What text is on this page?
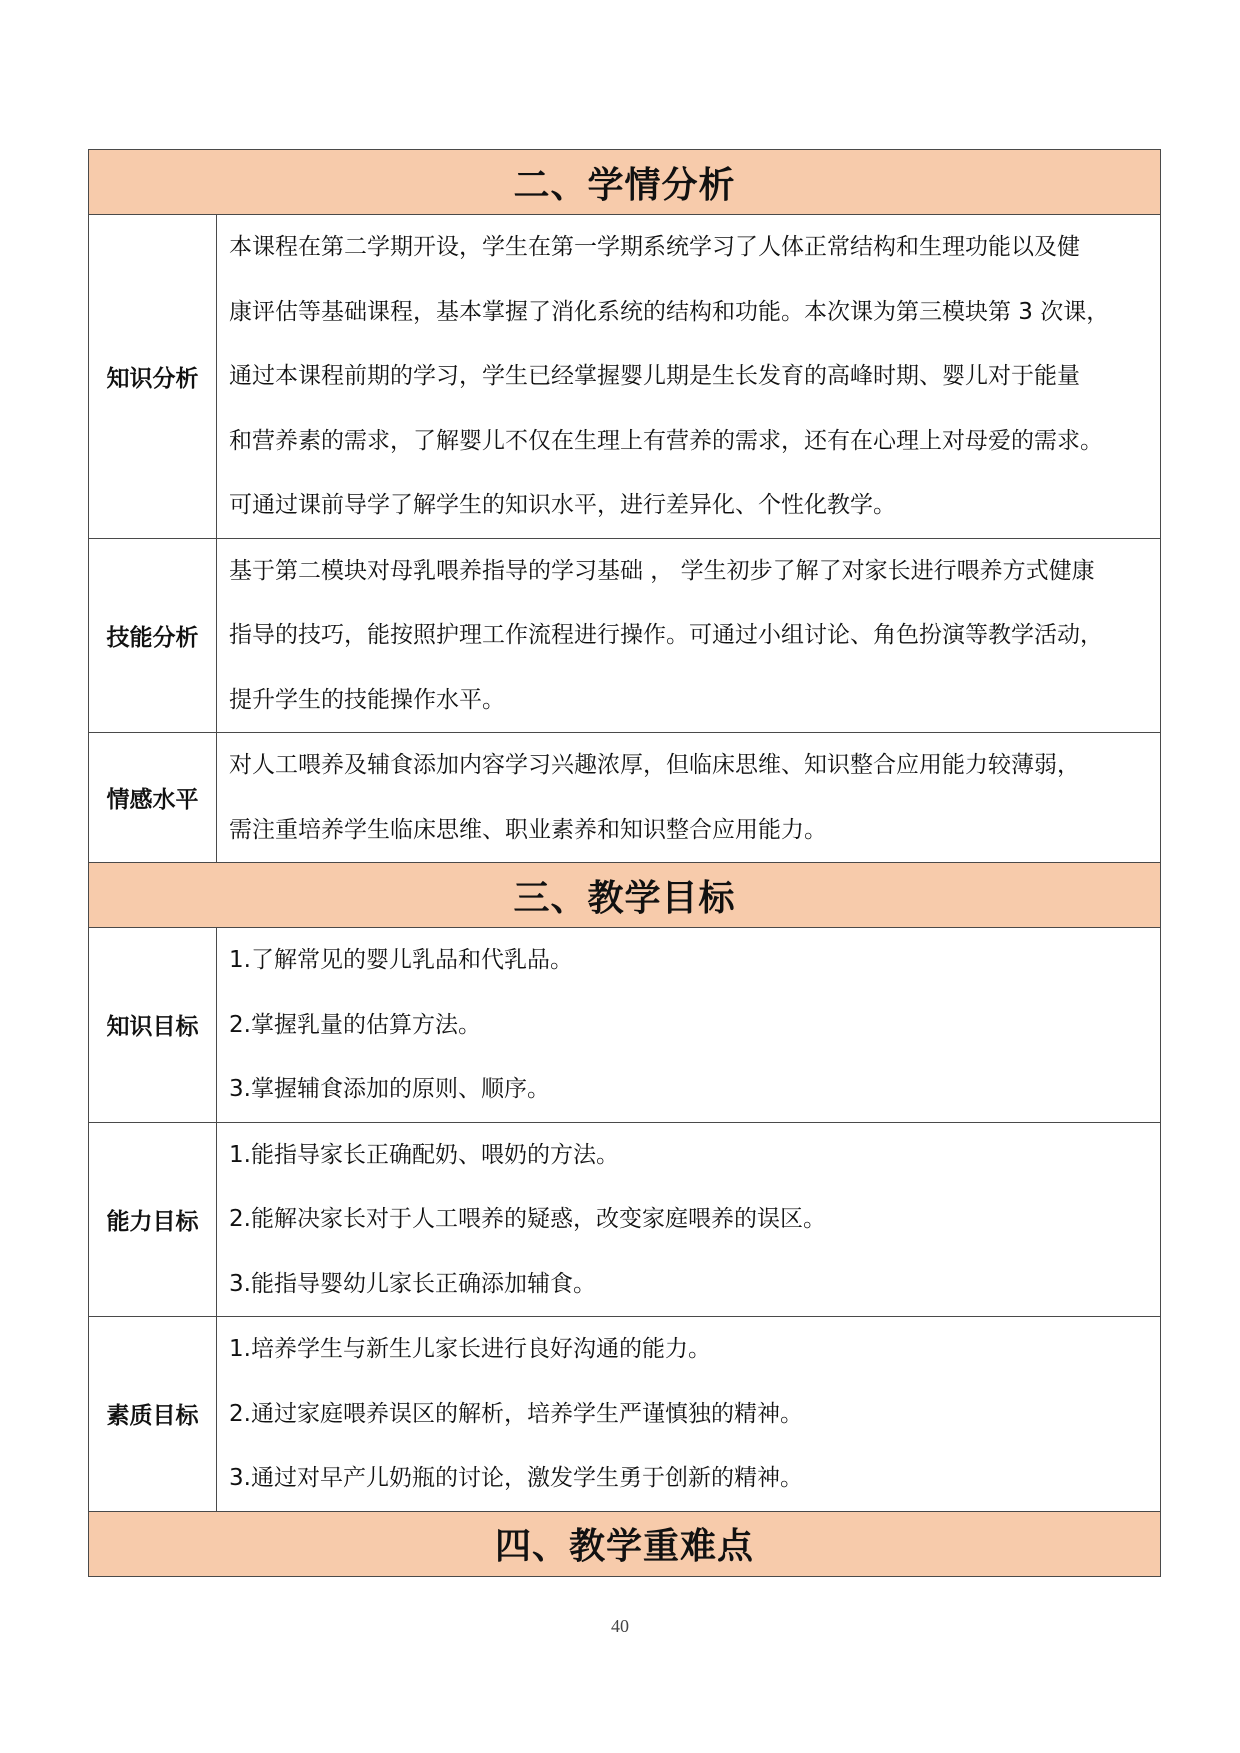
二、学情分析	
知识分析	本课程在第二学期开设，学生在第一学期系统学习了人体正常结构和生理功能以及健
康评估等基础课程，基本掌握了消化系统的结构和功能。本次课为第三模块第 3 次课，
通过本课程前期的学习，学生已经掌握婴儿期是生长发育的高峰时期、婴儿对于能量
和营养素的需求，了解婴儿不仅在生理上有营养的需求，还有在心理上对母爱的需求。
可通过课前导学了解学生的知识水平，进行差异化、个性化教学。

技能分析	基于第二模块对母乳喂养指导的学习基础 ， 学生初步了解了对家长进行喂养方式健康
指导的技巧，能按照护理工作流程进行操作。可通过小组讨论、角色扮演等教学活动，
提升学生的技能操作水平。

情感水平	对人工喂养及辅食添加内容学习兴趣浓厚，但临床思维、知识整合应用能力较薄弱，
需注重培养学生临床思维、职业素养和知识整合应用能力。

三、教学目标	
知识目标	1.了解常见的婴儿乳品和代乳品。
2.掌握乳量的估算方法。
3.掌握辅食添加的原则、顺序。

能力目标	1.能指导家长正确配奶、喂奶的方法。
2.能解决家长对于人工喂养的疑惑，改变家庭喂养的误区。
3.能指导婴幼儿家长正确添加辅食。

素质目标	1.培养学生与新生儿家长进行良好沟通的能力。
2.通过家庭喂养误区的解析，培养学生严谨慎独的精神。
3.通过对早产儿奶瓶的讨论，激发学生勇于创新的精神。

四、教学重难点	
40
